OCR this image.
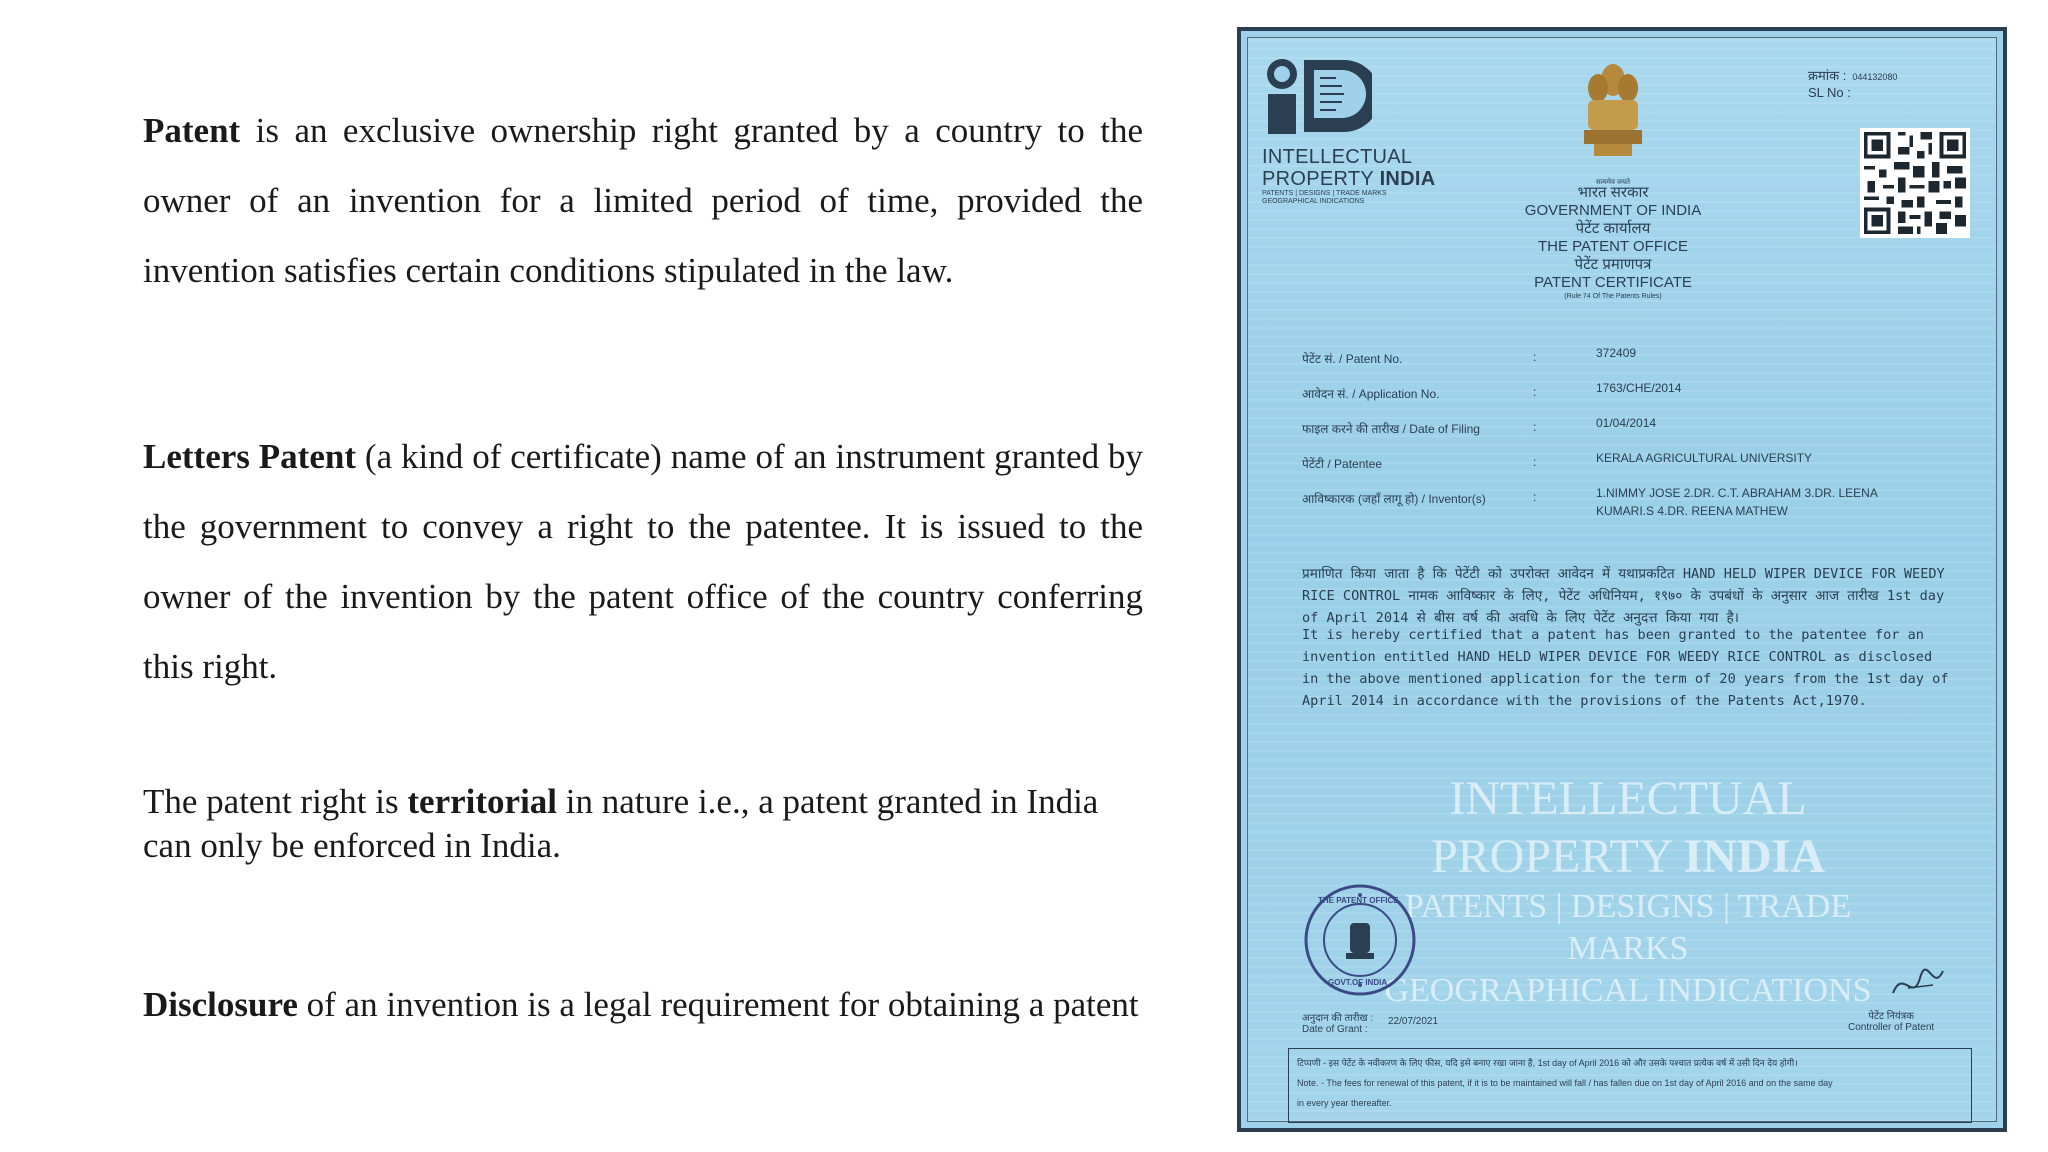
Patent is an exclusive ownership right granted by a country to the owner of an invention for a limited period of time, provided the invention satisfies certain conditions stipulated in the law.
Letters Patent (a kind of certificate) name of an instrument granted by the government to convey a right to the patentee. It is issued to the owner of the invention by the patent office of the country conferring this right.
The patent right is territorial in nature i.e., a patent granted in India can only be enforced in India.
Disclosure of an invention is a legal requirement for obtaining a patent
INTELLECTUAL
PROPERTY INDIA
PATENTS | DESIGNS | TRADE MARKS
GEOGRAPHICAL INDICATIONS
सत्यमेव जयते
क्रमांक : 044132080
SL No :
भारत सरकार
GOVERNMENT OF INDIA
पेटेंट कार्यालय
THE PATENT OFFICE
पेटेंट प्रमाणपत्र
PATENT CERTIFICATE
(Rule 74 Of The Patents Rules)
पेटेंट सं. / Patent No.	:	372409
आवेदन सं. / Application No.	:	1763/CHE/2014
फाइल करने की तारीख / Date of Filing	:	01/04/2014
पेटेंटी / Patentee	:	KERALA AGRICULTURAL UNIVERSITY
आविष्कारक (जहाँ लागू हो) / Inventor(s)	:	1.NIMMY JOSE 2.DR. C.T. ABRAHAM 3.DR. LEENA
KUMARI.S 4.DR. REENA MATHEW
INTELLECTUAL
PROPERTY INDIA
PATENTS | DESIGNS | TRADE MARKS
GEOGRAPHICAL INDICATIONS
प्रमाणित किया जाता है कि पेटेंटी को उपरोक्त आवेदन में यथाप्रकटित HAND HELD WIPER DEVICE FOR WEEDY RICE CONTROL नामक आविष्कार के लिए, पेटेंट अधिनियम, १९७० के उपबंधों के अनुसार आज तारीख 1st day of April 2014 से बीस वर्ष की अवधि के लिए पेटेंट अनुदत्त किया गया है।
It is hereby certified that a patent has been granted to the patentee for an invention entitled HAND HELD WIPER DEVICE FOR WEEDY RICE CONTROL as disclosed in the above mentioned application for the term of 20 years from the 1st day of April 2014 in accordance with the provisions of the Patents Act,1970.
THE PATENT OFFICE
GOVT.OF INDIA
अनुदान की तारीख :
Date of Grant :
22/07/2021	पेटेंट नियंत्रक
Controller of Patent
टिप्पणी - इस पेटेंट के नवीकरण के लिए फीस, यदि इसे बनाए रखा जाना है, 1st day of April 2016 को और उसके पश्चात प्रत्येक वर्ष में उसी दिन देय होगी।
Note. - The fees for renewal of this patent, if it is to be maintained will fall / has fallen due on 1st day of April 2016 and on the same day
in every year thereafter.
